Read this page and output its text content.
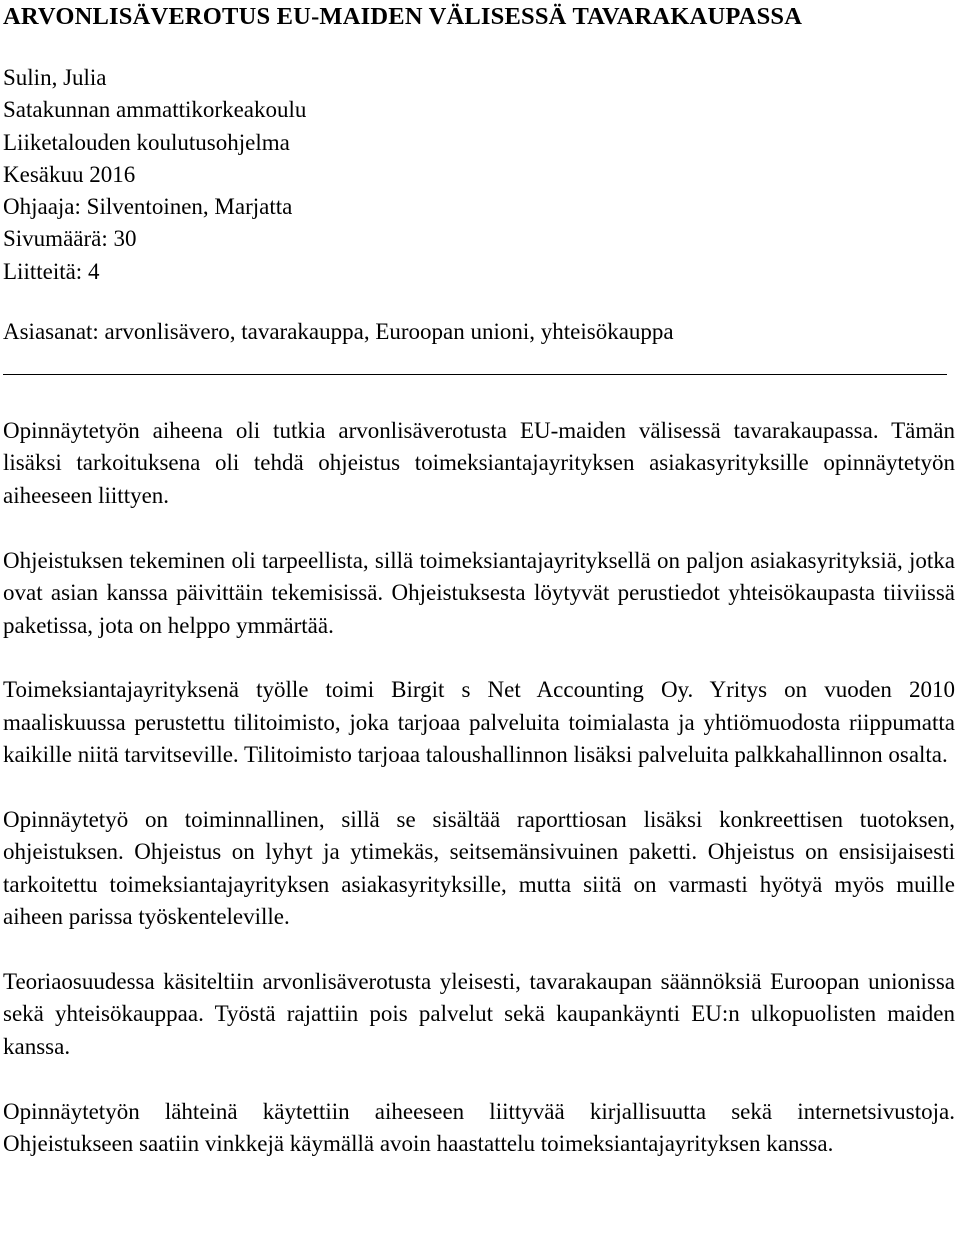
ARVONLISÄVEROTUS EU-MAIDEN VÄLISESSÄ TAVARAKAUPASSA
Sulin, Julia
Satakunnan ammattikorkeakoulu
Liiketalouden koulutusohjelma
Kesäkuu 2016
Ohjaaja: Silventoinen, Marjatta
Sivumäärä: 30
Liitteitä: 4
Asiasanat: arvonlisävero, tavarakauppa, Euroopan unioni, yhteisökauppa

Opinnäytetyön aiheena oli tutkia arvonlisäverotusta EU-maiden välisessä tavarakaupassa. Tämän lisäksi tarkoituksena oli tehdä ohjeistus toimeksiantajayrityksen asiakasyrityksille opinnäytetyön aiheeseen liittyen.

Ohjeistuksen tekeminen oli tarpeellista, sillä toimeksiantajayrityksellä on paljon asiakasyrityksiä, jotka ovat asian kanssa päivittäin tekemisissä. Ohjeistuksesta löytyvät perustiedot yhteisökaupasta tiiviissä paketissa, jota on helppo ymmärtää.

Toimeksiantajayrityksenä työlle toimi Birgit s Net Accounting Oy. Yritys on vuoden 2010 maaliskuussa perustettu tilitoimisto, joka tarjoaa palveluita toimialasta ja yhtiömuodosta riippumatta kaikille niitä tarvitseville. Tilitoimisto tarjoaa taloushallinnon lisäksi palveluita palkkahallinnon osalta.

Opinnäytetyö on toiminnallinen, sillä se sisältää raporttiosan lisäksi konkreettisen tuotoksen, ohjeistuksen. Ohjeistus on lyhyt ja ytimekäs, seitsemänsivuinen paketti. Ohjeistus on ensisijaisesti tarkoitettu toimeksiantajayrityksen asiakasyrityksille, mutta siitä on varmasti hyötyä myös muille aiheen parissa työskenteleville.

Teoriaosuudessa käsiteltiin arvonlisäverotusta yleisesti, tavarakaupan säännöksiä Euroopan unionissa sekä yhteisökauppaa. Työstä rajattiin pois palvelut sekä kaupankäynti EU:n ulkopuolisten maiden kanssa.

Opinnäytetyön lähteinä käytettiin aiheeseen liittyvää kirjallisuutta sekä internetsivustoja. Ohjeistukseen saatiin vinkkejä käymällä avoin haastattelu toimeksiantajayrityksen kanssa.
